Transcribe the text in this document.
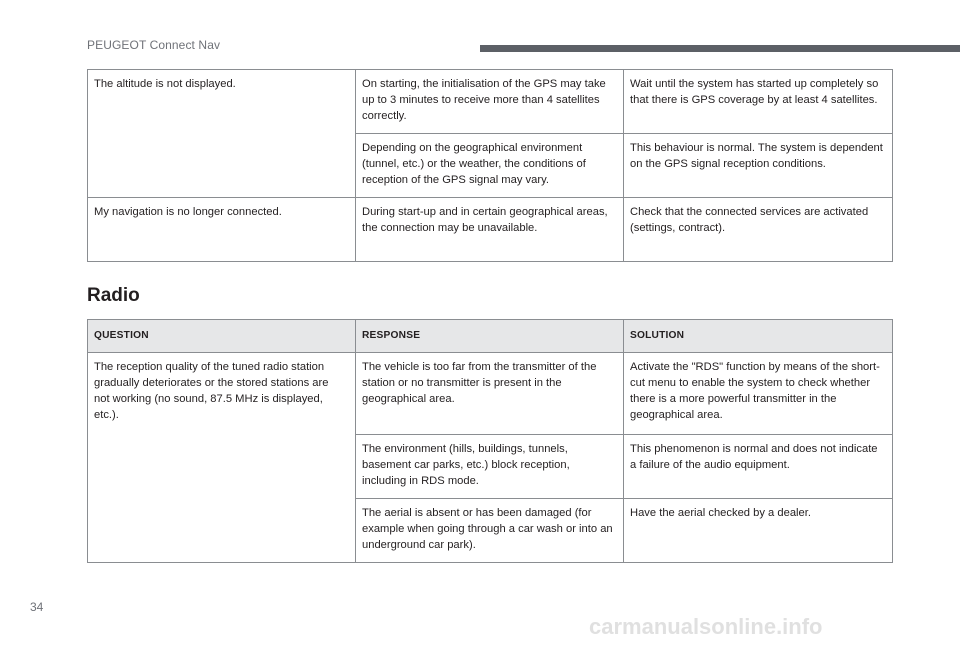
PEUGEOT Connect Nav
The altitude is not displayed.	On starting, the initialisation of the GPS may take up to 3 minutes to receive more than 4 satellites correctly.	Wait until the system has started up completely so that there is GPS coverage by at least 4 satellites.
	Depending on the geographical environment (tunnel, etc.) or the weather, the conditions of reception of the GPS signal may vary.	This behaviour is normal. The system is dependent on the GPS signal reception conditions.
My navigation is no longer connected.	During start-up and in certain geographical areas, the connection may be unavailable.	Check that the connected services are activated (settings, contract).
Radio
QUESTION	RESPONSE	SOLUTION
The reception quality of the tuned radio station gradually deteriorates or the stored stations are not working (no sound, 87.5 MHz is displayed, etc.).	The vehicle is too far from the transmitter of the station or no transmitter is present in the geographical area.	Activate the "RDS" function by means of the short-cut menu to enable the system to check whether there is a more powerful transmitter in the geographical area.
	The environment (hills, buildings, tunnels, basement car parks, etc.) block reception, including in RDS mode.	This phenomenon is normal and does not indicate a failure of the audio equipment.
	The aerial is absent or has been damaged (for example when going through a car wash or into an underground car park).	Have the aerial checked by a dealer.
34
carmanualsonline.info
